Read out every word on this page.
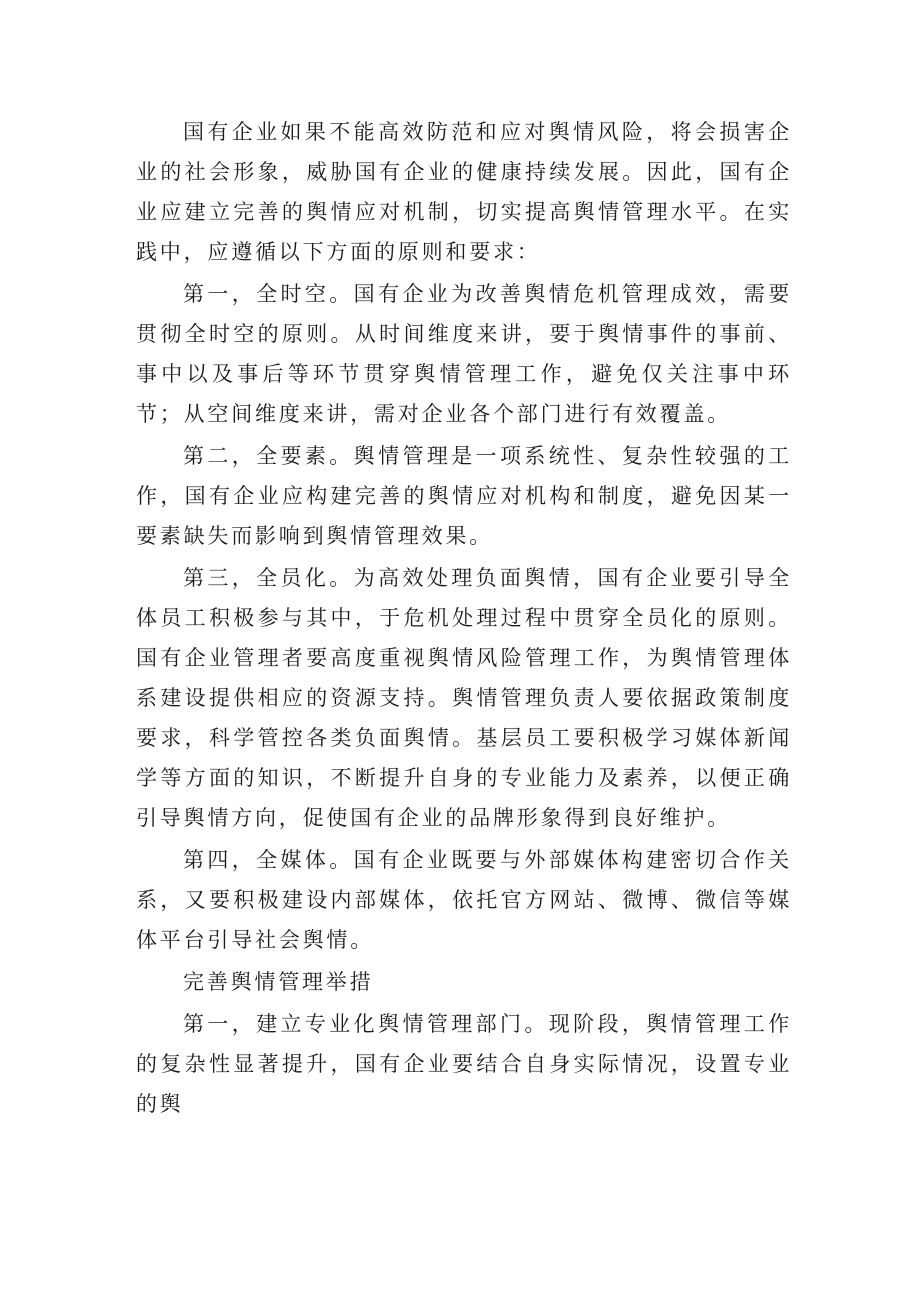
国有企业如果不能高效防范和应对舆情风险，将会损害企业的社会形象，威胁国有企业的健康持续发展。因此，国有企业应建立完善的舆情应对机制，切实提高舆情管理水平。在实践中，应遵循以下方面的原则和要求：

第一，全时空。国有企业为改善舆情危机管理成效，需要贯彻全时空的原则。从时间维度来讲，要于舆情事件的事前、事中以及事后等环节贯穿舆情管理工作，避免仅关注事中环节；从空间维度来讲，需对企业各个部门进行有效覆盖。

第二，全要素。舆情管理是一项系统性、复杂性较强的工作，国有企业应构建完善的舆情应对机构和制度，避免因某一要素缺失而影响到舆情管理效果。

第三，全员化。为高效处理负面舆情，国有企业要引导全体员工积极参与其中，于危机处理过程中贯穿全员化的原则。国有企业管理者要高度重视舆情风险管理工作，为舆情管理体系建设提供相应的资源支持。舆情管理负责人要依据政策制度要求，科学管控各类负面舆情。基层员工要积极学习媒体新闻学等方面的知识，不断提升自身的专业能力及素养，以便正确引导舆情方向，促使国有企业的品牌形象得到良好维护。

第四，全媒体。国有企业既要与外部媒体构建密切合作关系，又要积极建设内部媒体，依托官方网站、微博、微信等媒体平台引导社会舆情。

完善舆情管理举措

第一，建立专业化舆情管理部门。现阶段，舆情管理工作的复杂性显著提升，国有企业要结合自身实际情况，设置专业的舆
